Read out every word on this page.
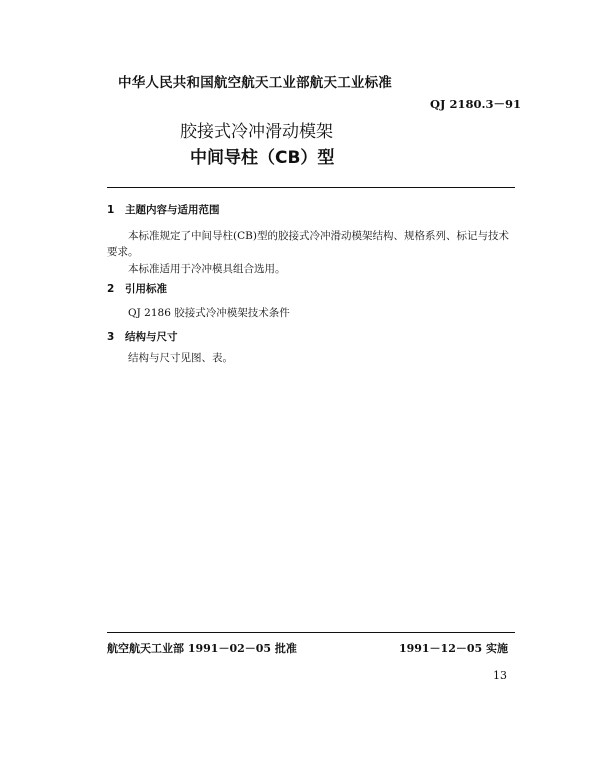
中华人民共和国航空航天工业部航天工业标准
QJ 2180.3－91
胶接式冷冲滑动模架
中间导柱（CB）型
1 主题内容与适用范围
本标准规定了中间导柱(CB)型的胶接式冷冲滑动模架结构、规格系列、标记与技术
要求。
本标准适用于冷冲模具组合选用。
2 引用标准
QJ 2186 胶接式冷冲模架技术条件
3 结构与尺寸
结构与尺寸见图、表。
航空航天工业部 1991－02－05 批准	1991－12－05 实施
13
